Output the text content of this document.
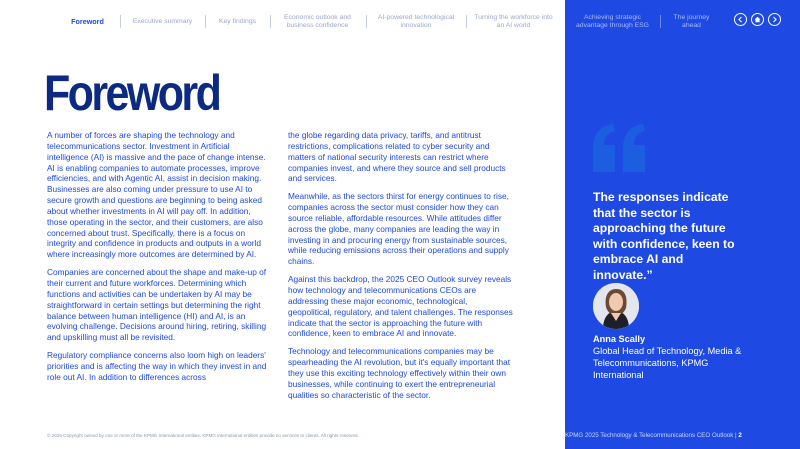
Foreword	Executive summary	Key findings
Economic outlook and business confidence
AI-powered technological innovation
Turning the workforce into an AI world
Achieving strategic advantage through ESG
The journey ahead

The responses indicate that the sector is approaching the future with confidence, keen to embrace AI and innovate.”

Anna Scally

Global Head of Technology, Media & Telecommunications, KPMG International

Foreword

A number of forces are shaping the technology and telecommunications sector. Investment in Artificial intelligence (AI) is massive and the pace of change intense. AI is enabling companies to automate processes, improve efficiencies, and with Agentic AI, assist in decision making. Businesses are also coming under pressure to use AI to secure growth and questions are beginning to being asked about whether investments in AI will pay off. In addition, those operating in the sector, and their customers, are also concerned about trust. Specifically, there is a focus on integrity and confidence in products and outputs in a world where increasingly more outcomes are determined by AI.

Companies are concerned about the shape and make-up of their current and future workforces. Determining which functions and activities can be undertaken by AI may be straightforward in certain settings but determining the right balance between human intelligence (HI) and AI, is an evolving challenge. Decisions around hiring, retiring, skilling and upskilling must all be revisited.

Regulatory compliance concerns also loom high on leaders' priorities and is affecting the way in which they invest in and role out AI. In addition to differences across

the globe regarding data privacy, tariffs, and antitrust restrictions, complications related to cyber security and matters of national security interests can restrict where companies invest, and where they source and sell products and services.

Meanwhile, as the sectors thirst for energy continues to rise, companies across the sector must consider how they can source reliable, affordable resources. While attitudes differ across the globe, many companies are leading the way in investing in and procuring energy from sustainable sources, while reducing emissions across their operations and supply chains.

Against this backdrop, the 2025 CEO Outlook survey reveals how technology and telecommunications CEOs are addressing these major economic, technological, geopolitical, regulatory, and talent challenges. The responses indicate that the sector is approaching the future with confidence, keen to embrace AI and innovate.

Technology and telecommunications companies may be spearheading the AI revolution, but it's equally important that they use this exciting technology effectively within their own businesses, while continuing to exert the entrepreneurial qualities so characteristic of the sector.

© 2025 Copyright owned by one or more of the KPMG International entities. KPMG International entities provide no services to clients. All rights reserved.	KPMG 2025 Technology & Telecommunications CEO Outlook | 2
